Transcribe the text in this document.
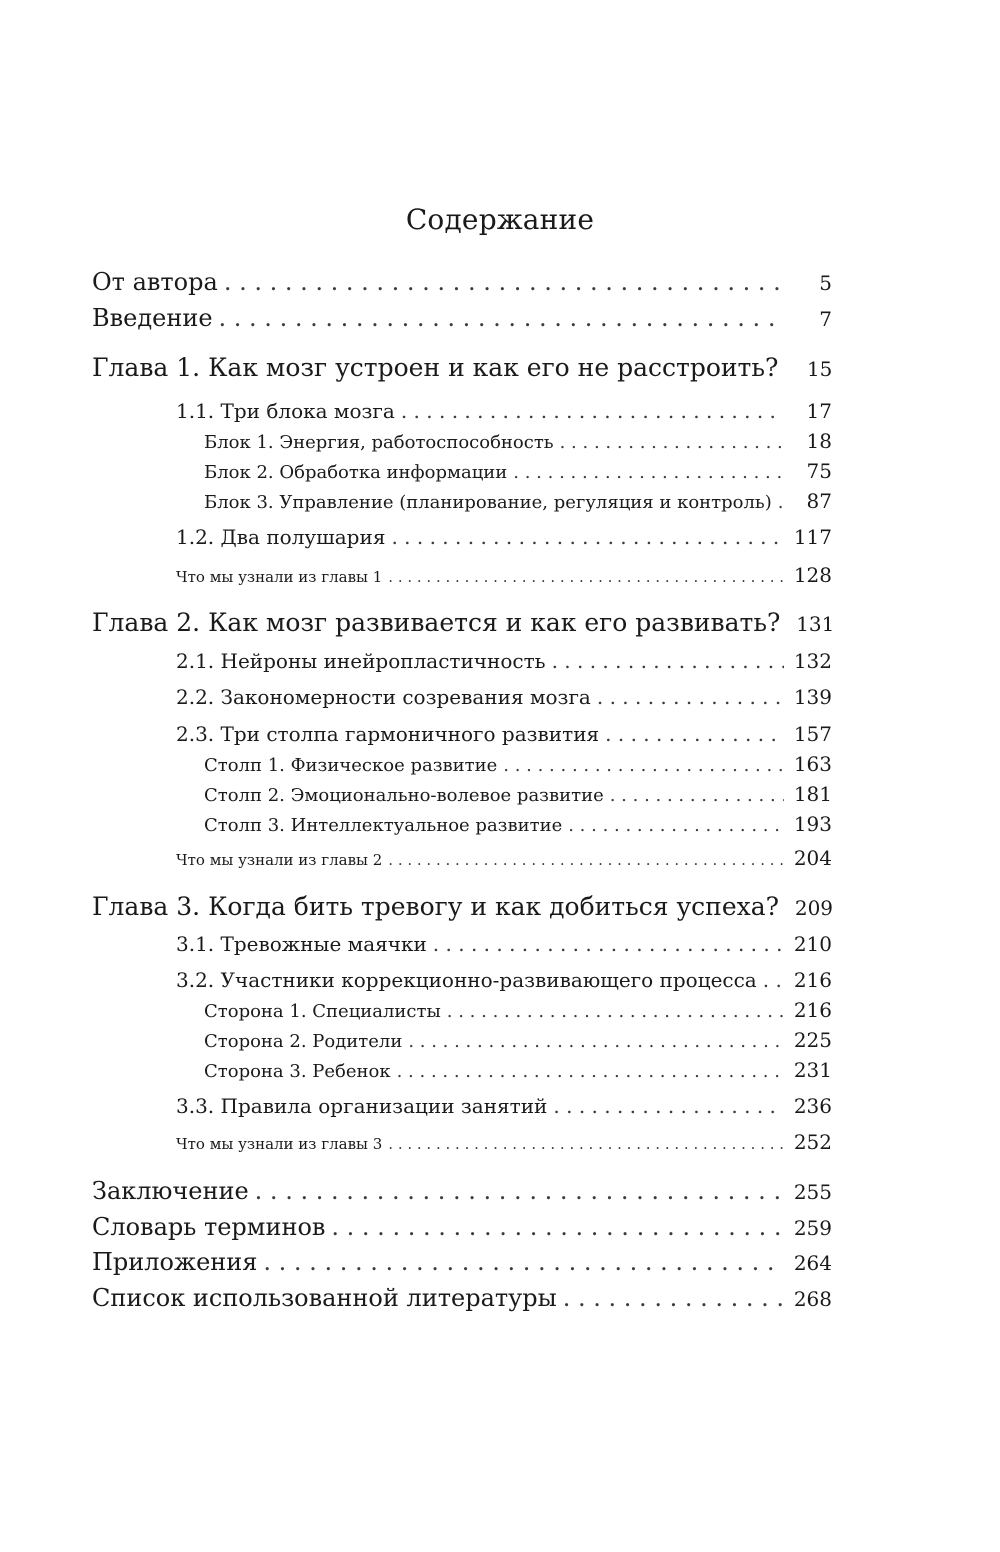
Содержание
От автора . . .	5
Введение . . .	7
Глава 1. Как мозг устроен и как его не расстроить?	15
1.1. Три блока мозга . . .	17
Блок 1. Энергия, работоспособность . . .	18
Блок 2. Обработка информации . . .	75
Блок 3. Управление (планирование, регуляция и контроль) . . .	87
1.2. Два полушария . . .	117
Что мы узнали из главы 1 . . .	128
Глава 2. Как мозг развивается и как его развивать? 131
2.1. Нейроны инейропластичность . . .	132
2.2. Закономерности созревания мозга . . .	139
2.3. Три столпа гармоничного развития . . .	157
Столп 1. Физическое развитие . . .	163
Столп 2. Эмоционально-волевое развитие . . .	181
Столп 3. Интеллектуальное развитие . . .	193
Что мы узнали из главы 2 . . .	204
Глава 3. Когда бить тревогу и как добиться успеха? 209
3.1. Тревожные маячки . . .	210
3.2. Участники коррекционно-развивающего процесса . . .	216
Сторона 1. Специалисты . . .	216
Сторона 2. Родители . . .	225
Сторона 3. Ребенок . . .	231
3.3. Правила организации занятий . . .	236
Что мы узнали из главы 3 . . .	252
Заключение . . .	255
Словарь терминов . . .	259
Приложения . . .	264
Список использованной литературы . . .	268
